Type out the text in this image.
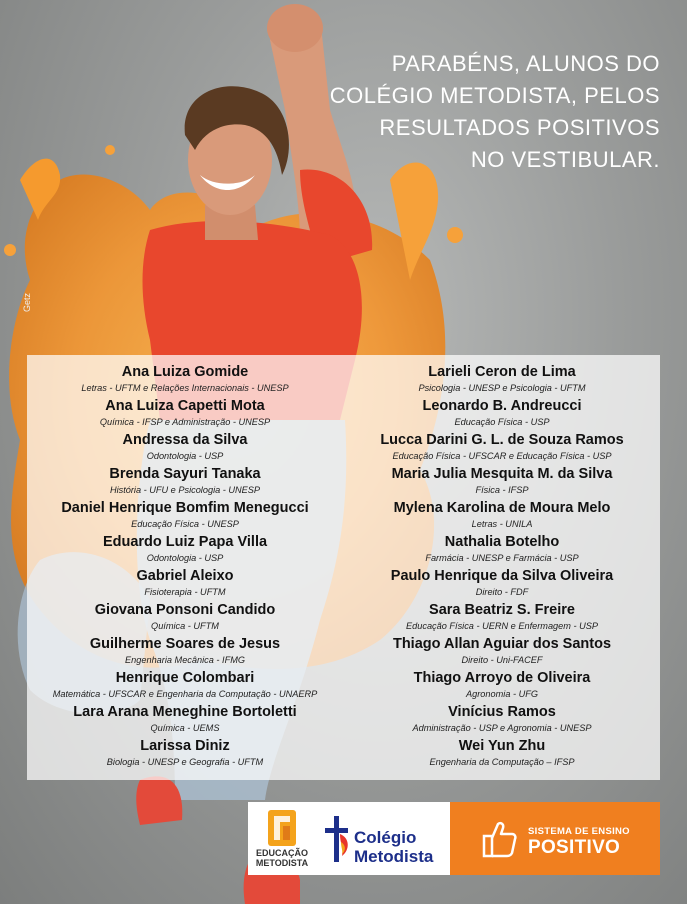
Getz
PARABÉNS, ALUNOS DO
COLÉGIO METODISTA, PELOS
RESULTADOS POSITIVOS
NO VESTIBULAR.
Ana Luiza Gomide
Letras - UFTM e Relações Internacionais - UNESP
Ana Luiza Capetti Mota
Química - IFSP e Administração - UNESP
Andressa da Silva
Odontologia - USP
Brenda Sayuri Tanaka
História - UFU e Psicologia - UNESP
Daniel Henrique Bomfim Menegucci
Educação Física - UNESP
Eduardo Luiz Papa Villa
Odontologia - USP
Gabriel Aleixo
Fisioterapia - UFTM
Giovana Ponsoni Candido
Química - UFTM
Guilherme Soares de Jesus
Engenharia Mecânica - IFMG
Henrique Colombari
Matemática - UFSCAR e Engenharia da Computação - UNAERP
Lara Arana Meneghine Bortoletti
Química - UEMS
Larissa Diniz
Biologia - UNESP e Geografia - UFTM
Larieli Ceron de Lima
Psicologia - UNESP e Psicologia - UFTM
Leonardo B. Andreucci
Educação Física - USP
Lucca Darini G. L. de Souza Ramos
Educação Física - UFSCAR e Educação Física - USP
Maria Julia Mesquita M. da Silva
Física - IFSP
Mylena Karolina de Moura Melo
Letras - UNILA
Nathalia Botelho
Farmácia - UNESP e Farmácia - USP
Paulo Henrique da Silva Oliveira
Direito - FDF
Sara Beatriz S. Freire
Educação Física - UERN e Enfermagem - USP
Thiago Allan Aguiar dos Santos
Direito - Uni-FACEF
Thiago Arroyo de Oliveira
Agronomia - UFG
Vinícius Ramos
Administração - USP e Agronomia - UNESP
Wei Yun Zhu
Engenharia da Computação – IFSP
EDUCAÇÃO
METODISTA
Colégio
Metodista
SISTEMA DE ENSINO
POSITIVO
